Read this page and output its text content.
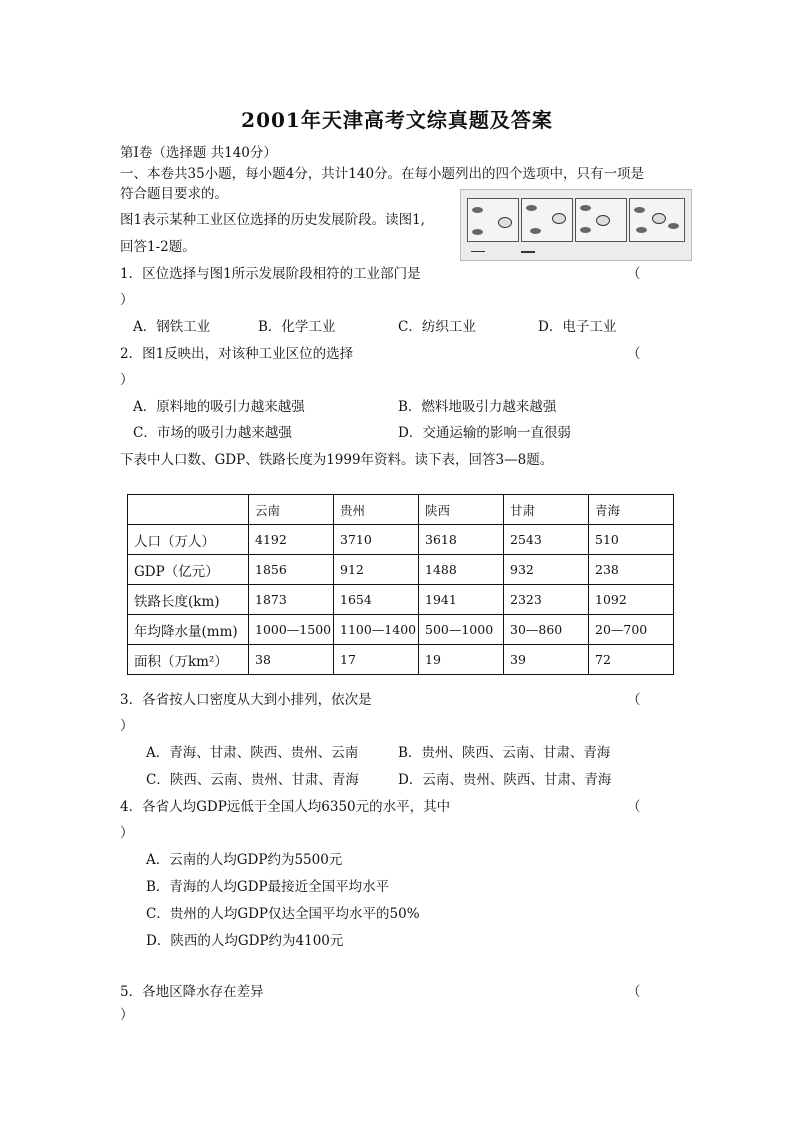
2001年天津高考文综真题及答案
第Ⅰ卷（选择题 共140分）
一、本卷共35小题，每小题4分，共计140分。在每小题列出的四个选项中，只有一项是
符合题目要求的。
图1表示某种工业区位选择的历史发展阶段。读图1,
回答1-2题。
1．区位选择与图1所示发展阶段相符的工业部门是	（
）
A．钢铁工业	B．化学工业	C．纺织工业	D．电子工业
2．图1反映出，对该种工业区位的选择	（
）
A．原料地的吸引力越来越强	B．燃料地吸引力越来越强
C．市场的吸引力越来越强	D．交通运输的影响一直很弱
下表中人口数、GDP、铁路长度为1999年资料。读下表，回答3—8题。
	云南	贵州	陕西	甘肃	青海
人口（万人）	4192	3710	3618	2543	510
GDP（亿元）	1856	912	1488	932	238
铁路长度(km)	1873	1654	1941	2323	1092
年均降水量(mm)	1000—1500	1100—1400	500—1000	30—860	20—700
面积（万km²）	38	17	19	39	72
3．各省按人口密度从大到小排列，依次是	（
）
A．青海、甘肃、陕西、贵州、云南	B．贵州、陕西、云南、甘肃、青海
C．陕西、云南、贵州、甘肃、青海	D．云南、贵州、陕西、甘肃、青海
4．各省人均GDP远低于全国人均6350元的水平，其中	（
）
A．云南的人均GDP约为5500元
B．青海的人均GDP最接近全国平均水平
C．贵州的人均GDP仅达全国平均水平的50%
D．陕西的人均GDP约为4100元
5．各地区降水存在差异	（
）
